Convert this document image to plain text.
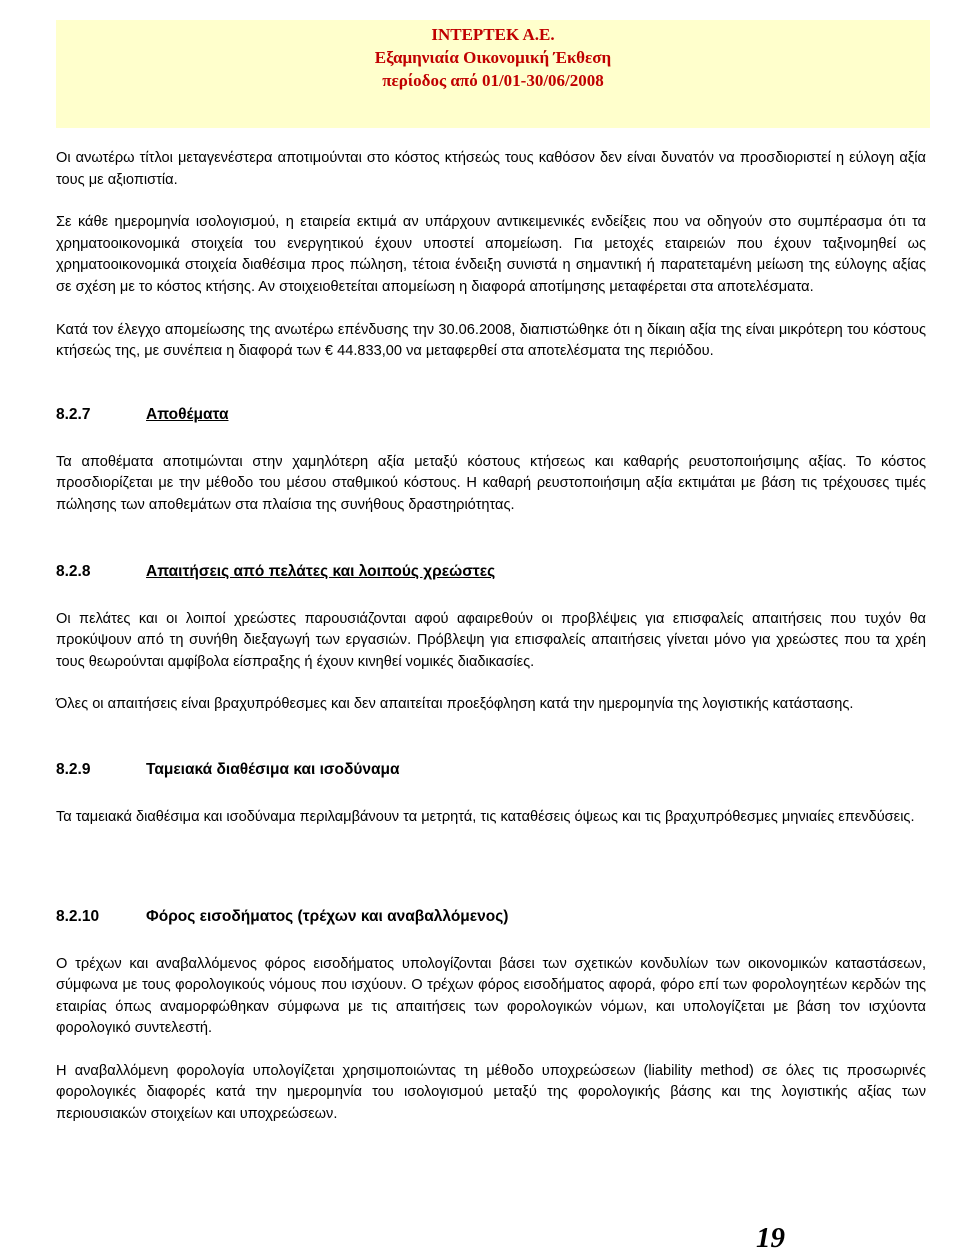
INTEPTEK A.E.
Εξαμηνιαία Οικονομική Έκθεση
περίοδος από 01/01-30/06/2008

Οι ανωτέρω τίτλοι μεταγενέστερα αποτιμούνται στο κόστος κτήσεώς τους καθόσον δεν είναι δυνατόν να προσδιοριστεί η εύλογη αξία τους με αξιοπιστία.

Σε κάθε ημερομηνία ισολογισμού, η εταιρεία εκτιμά αν υπάρχουν αντικειμενικές ενδείξεις που να οδηγούν στο συμπέρασμα ότι τα χρηματοοικονομικά στοιχεία του ενεργητικού έχουν υποστεί απομείωση. Για μετοχές εταιρειών που έχουν ταξινομηθεί ως χρηματοοικονομικά στοιχεία διαθέσιμα προς πώληση, τέτοια ένδειξη συνιστά η σημαντική ή παρατεταμένη μείωση της εύλογης αξίας σε σχέση με το κόστος κτήσης. Αν στοιχειοθετείται απομείωση η διαφορά αποτίμησης μεταφέρεται στα αποτελέσματα.

Κατά τον έλεγχο απομείωσης της ανωτέρω επένδυσης την 30.06.2008, διαπιστώθηκε ότι η δίκαιη αξία της είναι μικρότερη του κόστους κτήσεώς της, με συνέπεια η διαφορά των € 44.833,00 να μεταφερθεί στα αποτελέσματα της περιόδου.

8.2.7	Αποθέματα

Τα αποθέματα αποτιμώνται στην χαμηλότερη αξία μεταξύ κόστους κτήσεως και καθαρής ρευστοποιήσιμης αξίας. Το κόστος προσδιορίζεται με την μέθοδο του μέσου σταθμικού κόστους. Η καθαρή ρευστοποιήσιμη αξία εκτιμάται με βάση τις τρέχουσες τιμές πώλησης των αποθεμάτων στα πλαίσια της συνήθους δραστηριότητας.

8.2.8	Απαιτήσεις από πελάτες και λοιπούς χρεώστες

Οι πελάτες και οι λοιποί χρεώστες παρουσιάζονται αφού αφαιρεθούν οι προβλέψεις για επισφαλείς απαιτήσεις που τυχόν θα προκύψουν από τη συνήθη διεξαγωγή των εργασιών. Πρόβλεψη για επισφαλείς απαιτήσεις γίνεται μόνο για χρεώστες που τα χρέη τους θεωρούνται αμφίβολα είσπραξης ή έχουν κινηθεί νομικές διαδικασίες.

Όλες οι απαιτήσεις είναι βραχυπρόθεσμες και δεν απαιτείται προεξόφληση κατά την ημερομηνία της λογιστικής κατάστασης.

8.2.9	Ταμειακά διαθέσιμα και ισοδύναμα

Τα ταμειακά διαθέσιμα και ισοδύναμα περιλαμβάνουν τα μετρητά, τις καταθέσεις όψεως και τις βραχυπρόθεσμες μηνιαίες επενδύσεις.

8.2.10	Φόρος εισοδήματος (τρέχων και αναβαλλόμενος)

Ο τρέχων και αναβαλλόμενος φόρος εισοδήματος υπολογίζονται βάσει των σχετικών κονδυλίων των οικονομικών καταστάσεων, σύμφωνα με τους φορολογικούς νόμους που ισχύουν. Ο τρέχων φόρος εισοδήματος αφορά, φόρο επί των φορολογητέων κερδών της εταιρίας όπως αναμορφώθηκαν σύμφωνα με τις απαιτήσεις των φορολογικών νόμων, και υπολογίζεται με βάση τον ισχύοντα φορολογικό συντελεστή.

Η αναβαλλόμενη φορολογία υπολογίζεται χρησιμοποιώντας τη μέθοδο υποχρεώσεων (liability method) σε όλες τις προσωρινές φορολογικές διαφορές κατά την ημερομηνία του ισολογισμού μεταξύ της φορολογικής βάσης και της λογιστικής αξίας των περιουσιακών στοιχείων και υποχρεώσεων.

19
